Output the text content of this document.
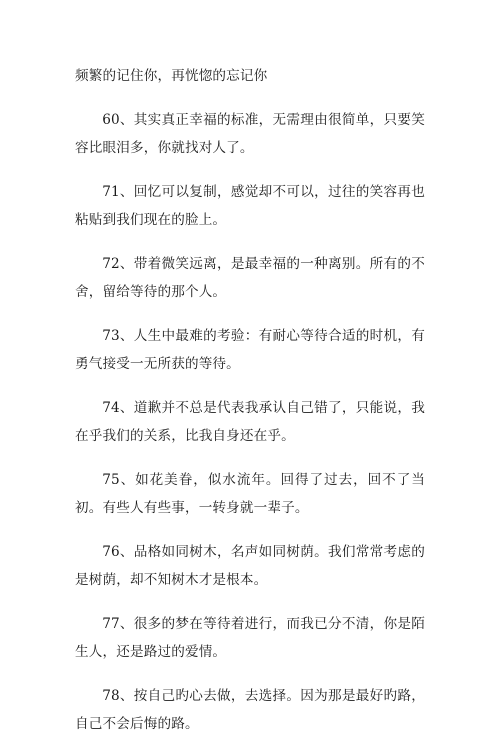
频繁的记住你，再恍惚的忘记你

60、其实真正幸福的标准，无需理由很简单，只要笑容比眼泪多，你就找对人了。

71、回忆可以复制，感觉却不可以，过往的笑容再也粘贴到我们现在的脸上。

72、带着微笑远离，是最幸福的一种离别。所有的不舍，留给等待的那个人。

73、人生中最难的考验：有耐心等待合适的时机，有勇气接受一无所获的等待。

74、道歉并不总是代表我承认自己错了，只能说，我在乎我们的关系，比我自身还在乎。

75、如花美眷，似水流年。回得了过去，回不了当初。有些人有些事，一转身就一辈子。

76、品格如同树木，名声如同树荫。我们常常考虑的是树荫，却不知树木才是根本。

77、很多的梦在等待着进行，而我已分不清，你是陌生人，还是路过的爱情。

78、按自己旳心去做，去选择。因为那是最好旳路，自己不会后悔的路。
